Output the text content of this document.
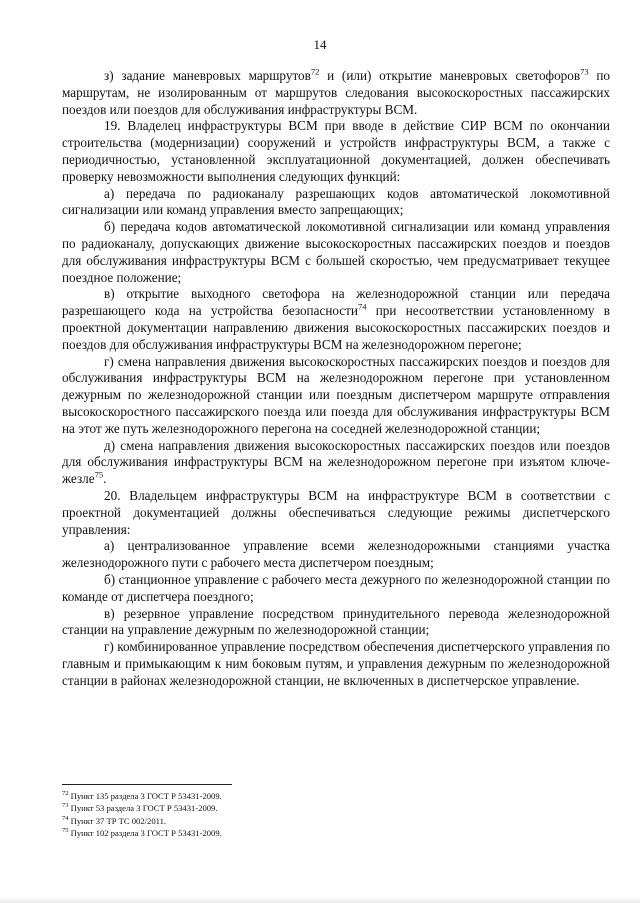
14

з) задание маневровых маршрутов$^{72}$ и (или) открытие маневровых светофоров$^{73}$ по маршрутам, не изолированным от маршрутов следования высокоскоростных пассажирских поездов или поездов для обслуживания инфраструктуры ВСМ.

19. Владелец инфраструктуры ВСМ при вводе в действие СИР ВСМ по окончании строительства (модернизации) сооружений и устройств инфраструктуры ВСМ, а также с периодичностью, установленной эксплуатационной документацией, должен обеспечивать проверку невозможности выполнения следующих функций:

а) передача по радиоканалу разрешающих кодов автоматической локомотивной сигнализации или команд управления вместо запрещающих;

б) передача кодов автоматической локомотивной сигнализации или команд управления по радиоканалу, допускающих движение высокоскоростных пассажирских поездов и поездов для обслуживания инфраструктуры ВСМ с большей скоростью, чем предусматривает текущее поездное положение;

в) открытие выходного светофора на железнодорожной станции или передача разрешающего кода на устройства безопасности$^{74}$ при несоответствии установленному в проектной документации направлению движения высокоскоростных пассажирских поездов и поездов для обслуживания инфраструктуры ВСМ на железнодорожном перегоне;

г) смена направления движения высокоскоростных пассажирских поездов и поездов для обслуживания инфраструктуры ВСМ на железнодорожном перегоне при установленном дежурным по железнодорожной станции или поездным диспетчером маршруте отправления высокоскоростного пассажирского поезда или поезда для обслуживания инфраструктуры ВСМ на этот же путь железнодорожного перегона на соседней железнодорожной станции;

д) смена направления движения высокоскоростных пассажирских поездов или поездов для обслуживания инфраструктуры ВСМ на железнодорожном перегоне при изъятом ключе-жезле$^{75}$.

20. Владельцем инфраструктуры ВСМ на инфраструктуре ВСМ в соответствии с проектной документацией должны обеспечиваться следующие режимы диспетчерского управления:

а) централизованное управление всеми железнодорожными станциями участка железнодорожного пути с рабочего места диспетчером поездным;

б) станционное управление с рабочего места дежурного по железнодорожной станции по команде от диспетчера поездного;

в) резервное управление посредством принудительного перевода железнодорожной станции на управление дежурным по железнодорожной станции;

г) комбинированное управление посредством обеспечения диспетчерского управления по главным и примыкающим к ним боковым путям, и управления дежурным по железнодорожной станции в районах железнодорожной станции, не включенных в диспетчерское управление.

$^{72}$ Пункт 135 раздела 3 ГОСТ Р 53431-2009.
$^{73}$ Пункт 53 раздела 3 ГОСТ Р 53431-2009.
$^{74}$ Пункт 37 ТР ТС 002/2011.
$^{75}$ Пункт 102 раздела 3 ГОСТ Р 53431-2009.
